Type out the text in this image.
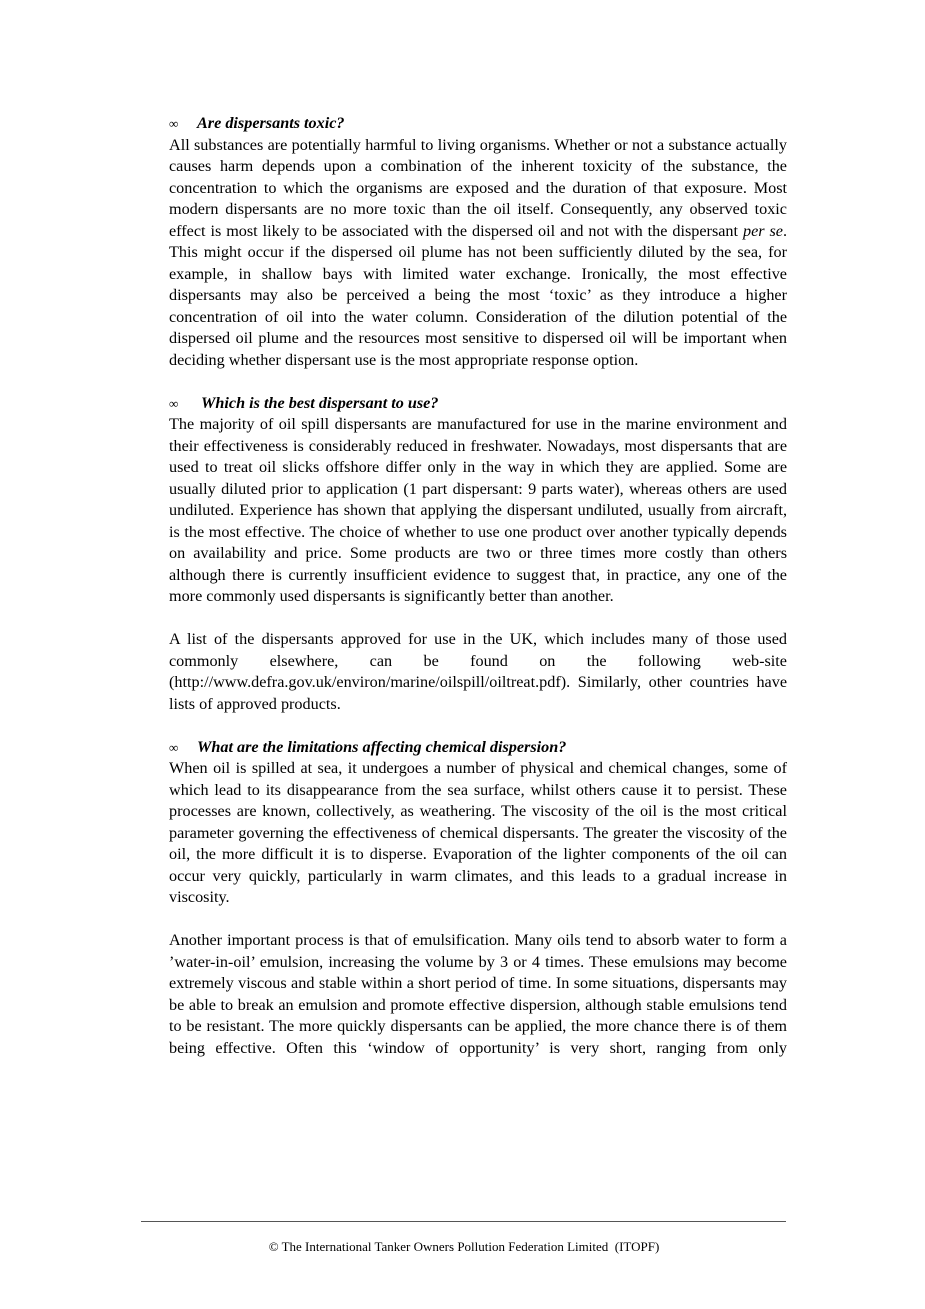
∞	Are dispersants toxic?

All substances are potentially harmful to living organisms. Whether or not a substance actually causes harm depends upon a combination of the inherent toxicity of the substance, the concentration to which the organisms are exposed and the duration of that exposure. Most modern dispersants are no more toxic than the oil itself. Consequently, any observed toxic effect is most likely to be associated with the dispersed oil and not with the dispersant per se. This might occur if the dispersed oil plume has not been sufficiently diluted by the sea, for example, in shallow bays with limited water exchange. Ironically, the most effective dispersants may also be perceived a being the most ‘toxic’ as they introduce a higher concentration of oil into the water column. Consideration of the dilution potential of the dispersed oil plume and the resources most sensitive to dispersed oil will be important when deciding whether dispersant use is the most appropriate response option.

∞	Which is the best dispersant to use?

The majority of oil spill dispersants are manufactured for use in the marine environment and their effectiveness is considerably reduced in freshwater. Nowadays, most dispersants that are used to treat oil slicks offshore differ only in the way in which they are applied. Some are usually diluted prior to application (1 part dispersant: 9 parts water), whereas others are used undiluted. Experience has shown that applying the dispersant undiluted, usually from aircraft, is the most effective. The choice of whether to use one product over another typically depends on availability and price. Some products are two or three times more costly than others although there is currently insufficient evidence to suggest that, in practice, any one of the more commonly used dispersants is significantly better than another.

A list of the dispersants approved for use in the UK, which includes many of those used commonly elsewhere, can be found on the following web-site (http://www.defra.gov.uk/environ/marine/oilspill/oiltreat.pdf). Similarly, other countries have lists of approved products.

∞	What are the limitations affecting chemical dispersion?

When oil is spilled at sea, it undergoes a number of physical and chemical changes, some of which lead to its disappearance from the sea surface, whilst others cause it to persist. These processes are known, collectively, as weathering. The viscosity of the oil is the most critical parameter governing the effectiveness of chemical dispersants. The greater the viscosity of the oil, the more difficult it is to disperse. Evaporation of the lighter components of the oil can occur very quickly, particularly in warm climates, and this leads to a gradual increase in viscosity.

Another important process is that of emulsification. Many oils tend to absorb water to form a ’water-in-oil’ emulsion, increasing the volume by 3 or 4 times. These emulsions may become extremely viscous and stable within a short period of time. In some situations, dispersants may be able to break an emulsion and promote effective dispersion, although stable emulsions tend to be resistant. The more quickly dispersants can be applied, the more chance there is of them being effective. Often this ‘window of opportunity’ is very short, ranging from only

© The International Tanker Owners Pollution Federation Limited  (ITOPF)
